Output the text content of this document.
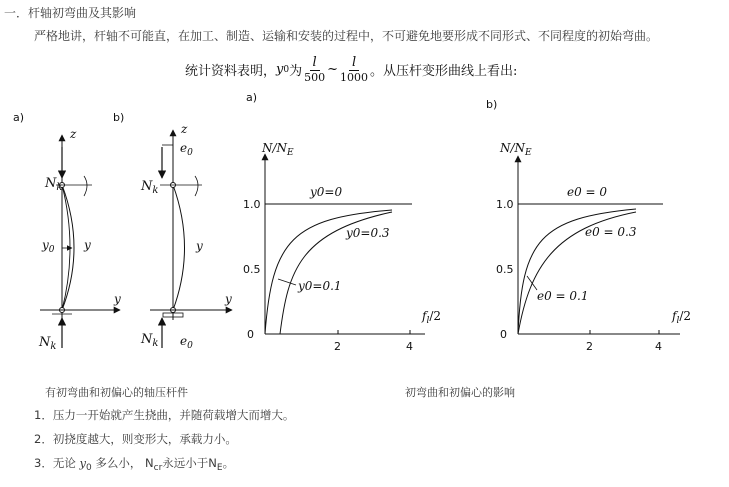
一．杆轴初弯曲及其影响
严格地讲，杆轴不可能直，在加工、制造、运输和安装的过程中，不可避免地要形成不同形式、不同程度的初始弯曲。
统计资料表明， y 0 为 $\frac{l}{500}$ ~ $\frac{l}{1000}$ 。从压杆变形曲线上看出:
a)
z
y
$N_k$
$N_k$
$y_0$ y
b)
z
y
$e_0$
$e_0$
$N_k$
$N_k$
y
a)
$N/N_E$
1.0
0.5
0
2	4
$f_l/2$
y0=0
y0=0.3
y0=0.1
b)
$N/N_E$
1.0
0.5
0
2	4
$f_l/2$
e0 = 0
e0 = 0.3
e0 = 0.1
有初弯曲和初偏心的轴压杆件	初弯曲和初偏心的影响
1．压力一开始就产生挠曲，并随荷载增大而增大。
2．初挠度越大，则变形大，承载力小。
3．无论 $y_0$ 多么小， $N_{cr}$永远小于$N_E$。
